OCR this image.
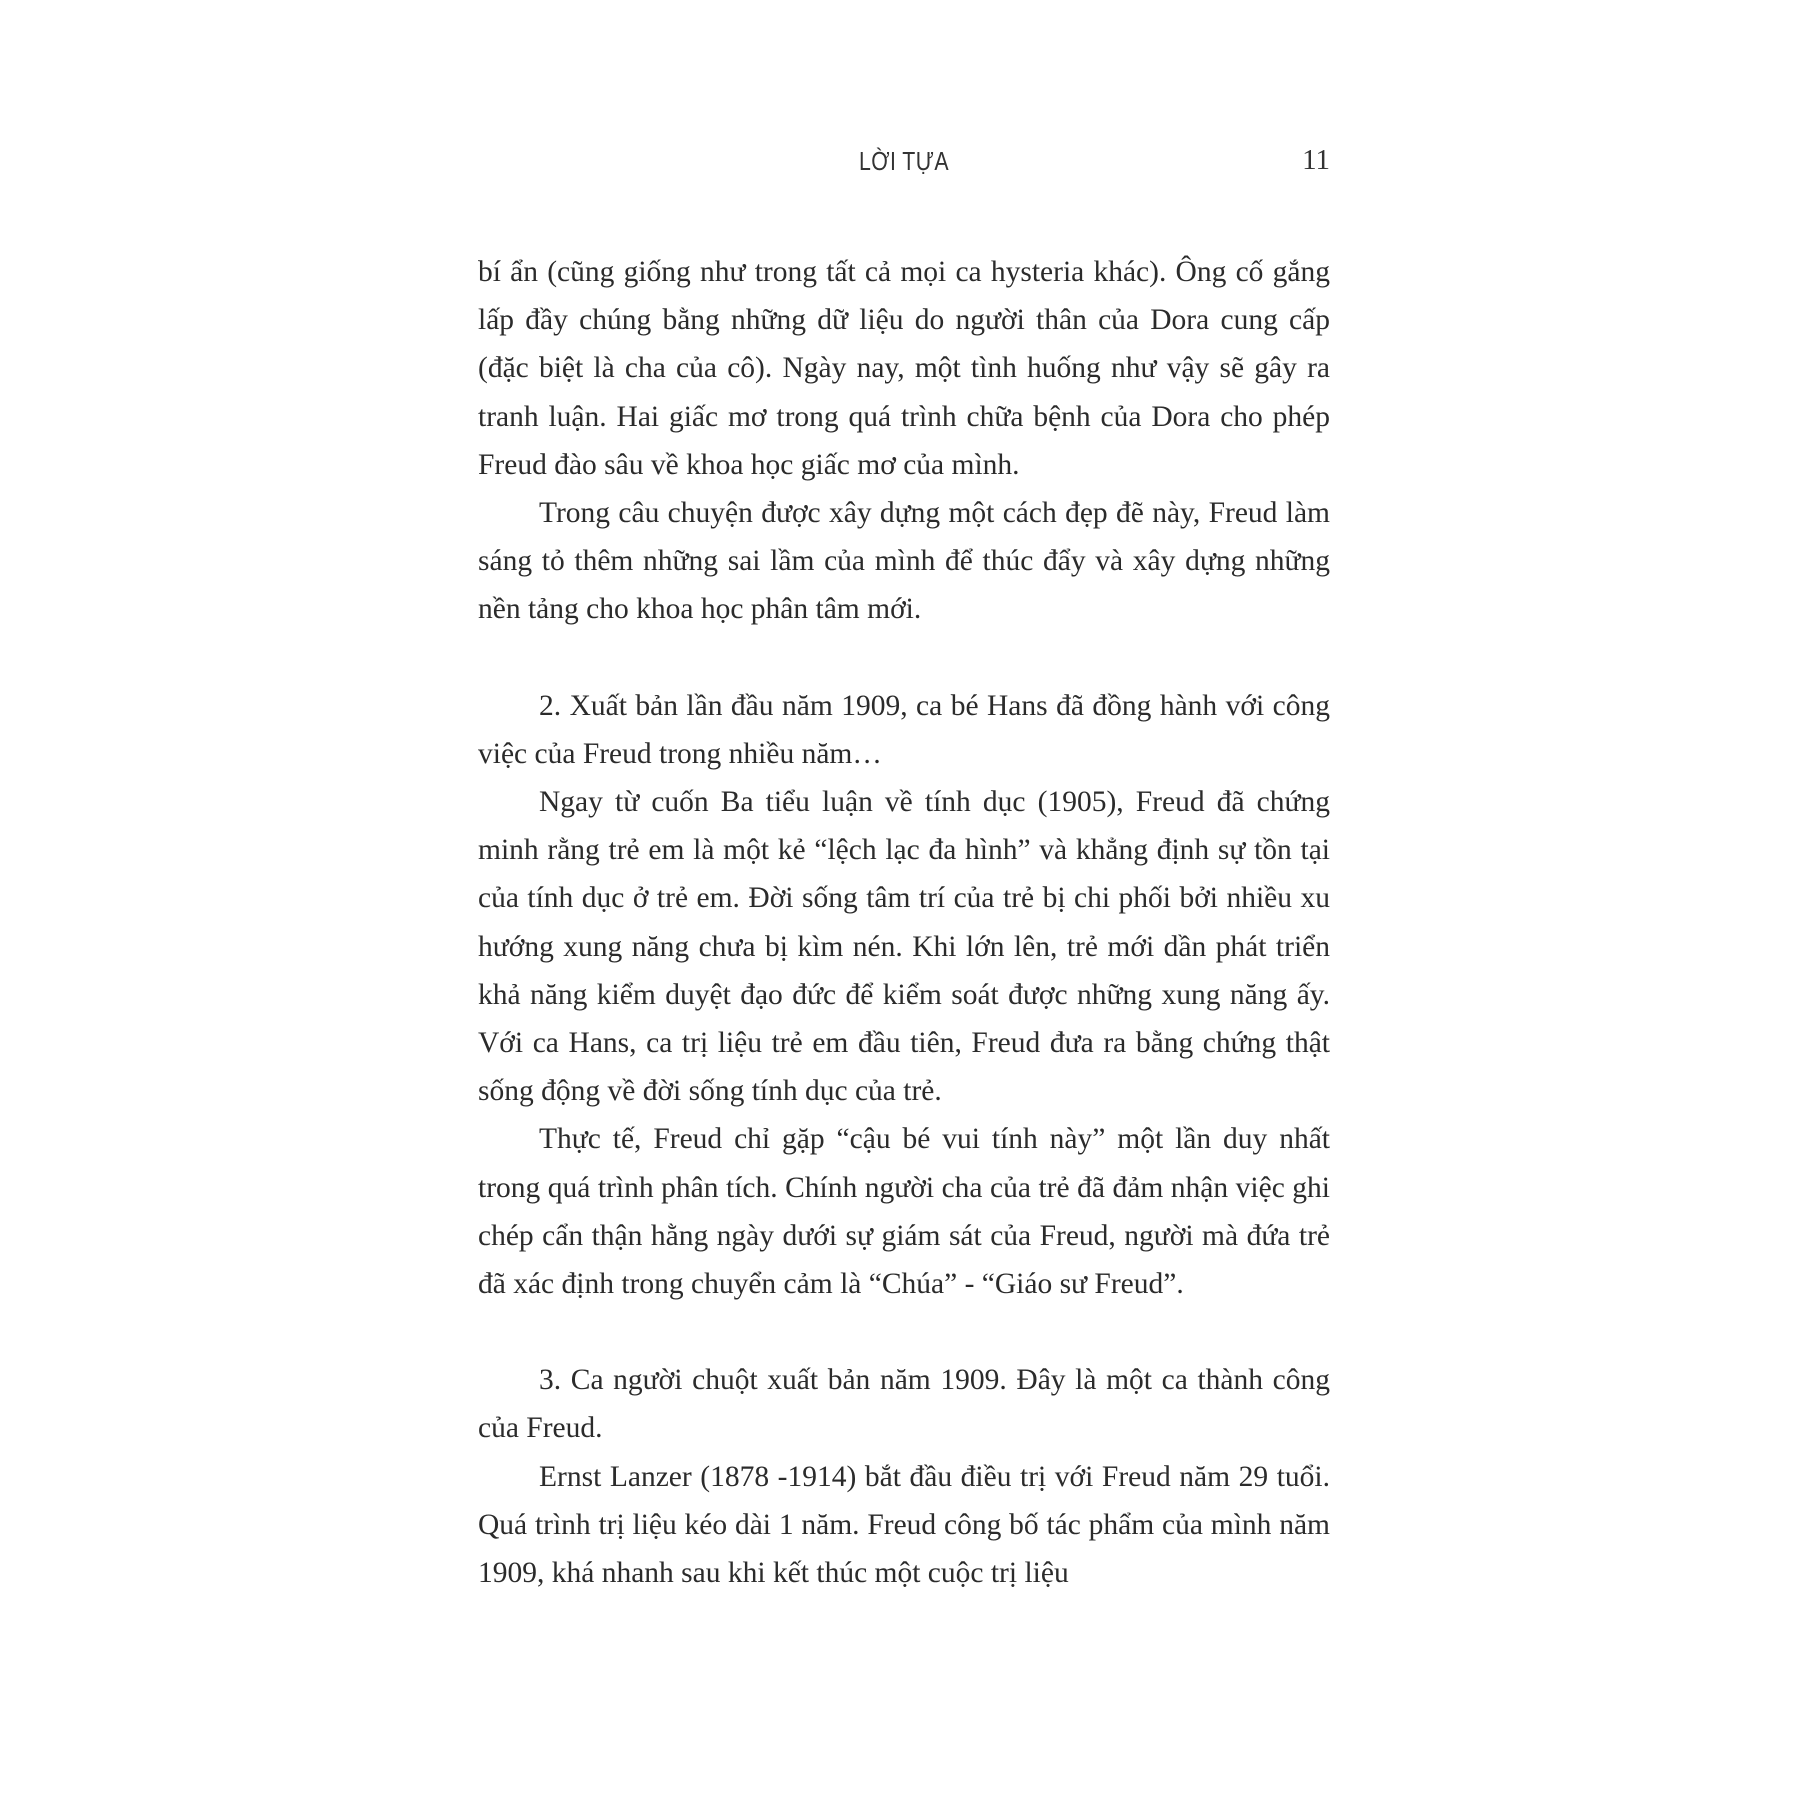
LỜI TỰA	11

bí ẩn (cũng giống như trong tất cả mọi ca hysteria khác). Ông cố gắng lấp đầy chúng bằng những dữ liệu do người thân của Dora cung cấp (đặc biệt là cha của cô). Ngày nay, một tình huống như vậy sẽ gây ra tranh luận. Hai giấc mơ trong quá trình chữa bệnh của Dora cho phép Freud đào sâu về khoa học giấc mơ của mình.

Trong câu chuyện được xây dựng một cách đẹp đẽ này, Freud làm sáng tỏ thêm những sai lầm của mình để thúc đẩy và xây dựng những nền tảng cho khoa học phân tâm mới.

2. Xuất bản lần đầu năm 1909, ca bé Hans đã đồng hành với công việc của Freud trong nhiều năm…

Ngay từ cuốn Ba tiểu luận về tính dục (1905), Freud đã chứng minh rằng trẻ em là một kẻ “lệch lạc đa hình” và khẳng định sự tồn tại của tính dục ở trẻ em. Đời sống tâm trí của trẻ bị chi phối bởi nhiều xu hướng xung năng chưa bị kìm nén. Khi lớn lên, trẻ mới dần phát triển khả năng kiểm duyệt đạo đức để kiểm soát được những xung năng ấy. Với ca Hans, ca trị liệu trẻ em đầu tiên, Freud đưa ra bằng chứng thật sống động về đời sống tính dục của trẻ.

Thực tế, Freud chỉ gặp “cậu bé vui tính này” một lần duy nhất trong quá trình phân tích. Chính người cha của trẻ đã đảm nhận việc ghi chép cẩn thận hằng ngày dưới sự giám sát của Freud, người mà đứa trẻ đã xác định trong chuyển cảm là “Chúa” - “Giáo sư Freud”.

3. Ca người chuột xuất bản năm 1909. Đây là một ca thành công của Freud.

Ernst Lanzer (1878 -1914) bắt đầu điều trị với Freud năm 29 tuổi. Quá trình trị liệu kéo dài 1 năm. Freud công bố tác phẩm của mình năm 1909, khá nhanh sau khi kết thúc một cuộc trị liệu
